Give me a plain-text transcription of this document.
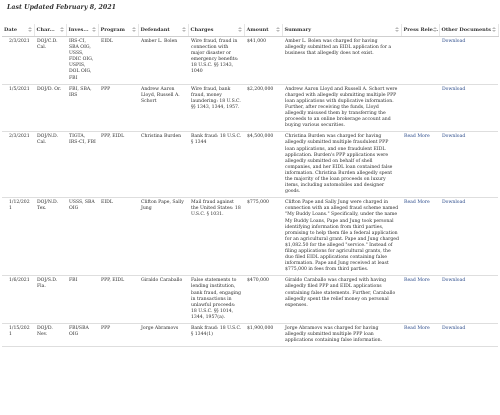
Last Updated February 8, 2021
Date	Char...	Inves...	Program	Defendant	Charges	Amount	Summary	Press Rele...	Other Documents

2/3/2021	DOJ/C.D. Cal.	IRS-CI, SBA OIG, USSS, FDIC OIG, USPIS, DOL OIG, FBI	EIDL	Amber L. Bolen	Wire fraud, fraud in connection with major disaster or emergency benefits: 18 U.S.C. §§ 1343, 1040	$41,000	Amber L. Bolen was charged for having allegedly submitted an EIDL application for a business that allegedly does not exist.		Download
1/5/2021	DOJ/D. Or.	FBI, SBA, IRS	PPP	Andrew Aaron Lloyd, Russell A. Schort	Wire fraud, bank fraud, money laundering: 18 U.S.C. §§ 1343, 1344, 1957.	$2,200,000	Andrew Aaron Lloyd and Russell A. Schort were charged with allegedly submitting multiple PPP loan applications with duplicative information. Further, after receiving the funds, Lloyd allegedly misused them by transferring the proceeds to an online brokerage account and buying various securities.		Download
2/3/2021	DOJ/N.D. Cal.	TIGTA, IRS-CI, FBI	PPP, EIDL	Christina Burden	Bank fraud: 18 U.S.C. § 1344	$4,500,000	Christina Burden was charged for having allegedly submitted multiple fraudulent PPP loan applications, and one fraudulent EIDL application. Burden's PPP applications were allegedly submitted on behalf of shell companies, and her EIDL loan contained false information. Christina Burden allegedly spent the majority of the loan proceeds on luxury items, including automobiles and designer goods.	Read More	Download
1/12/2021	DOJ/N.D. Tex.	USSS, SBA OIG	EIDL	Clifton Pape, Sally Jung	Mail fraud against the United States: 18 U.S.C. § 1031.	$775,000	Clifton Pape and Sally Jung were charged in connection with an alleged fraud scheme named "My Buddy Loans." Specifically, under the name My Buddy Loans, Pape and Jung took personal identifying information from third parties, promising to help them file a federal application for an agricultural grant. Pape and Jung charged $1,082.50 for the alleged "service." Instead of filing applications for agricultural grants, the duo filed EIDL applications containing false information. Pape and Jung received at least $775,000 in fees from third parties.	Read More	Download
1/6/2021	DOJ/S.D. Fla.	FBI	PPP, EIDL	Giraldo Caraballo	False statements to lending institution, bank fraud, engaging in transactions in unlawful proceeds: 18 U.S.C. §§ 1014, 1344, 1957(a).	$470,000	Giraldo Caraballo was charged with having allegedly filed PPP and EIDL applications containing false statements. Further, Caraballo allegedly spent the relief money on personal expenses.	Read More	Download
1/15/2021	DOJ/D. Nev.	FBI/SBA OIG	PPP	Jorge Abramovs	Bank fraud: 18 U.S.C. § 1344(1)	$1,900,000	Jorge Abramovs was charged for having allegedly submitted multiple PPP loan applications containing false information.	Read More	Download
